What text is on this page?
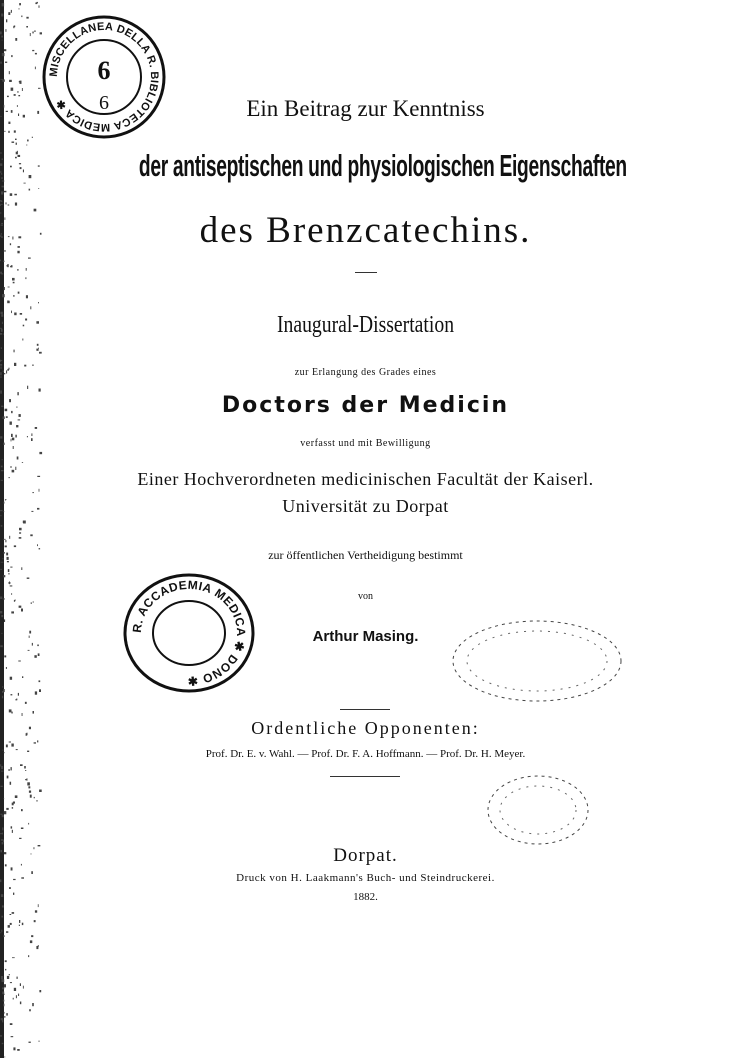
Ein Beitrag zur Kenntniss
der antiseptischen und physiologischen Eigenschaften
des Brenzcatechins.
Inaugural-Dissertation
zur Erlangung des Grades eines
Doctors der Medicin
verfasst und mit Bewilligung
Einer Hochverordneten medicinischen Facultät der Kaiserl.
Universität zu Dorpat
zur öffentlichen Vertheidigung bestimmt
von
Arthur Masing.
Ordentliche Opponenten:
Prof. Dr. E. v. Wahl. — Prof. Dr. F. A. Hoffmann. — Prof. Dr. H. Meyer.
Dorpat.
Druck von H. Laakmann's Buch- und Steindruckerei.
1882.
MISCELLANEA DELLA R. BIBLIOTECA MEDICA ✱
6
6
R. ACCADEMIA MEDICA ✱ DONO ✱
